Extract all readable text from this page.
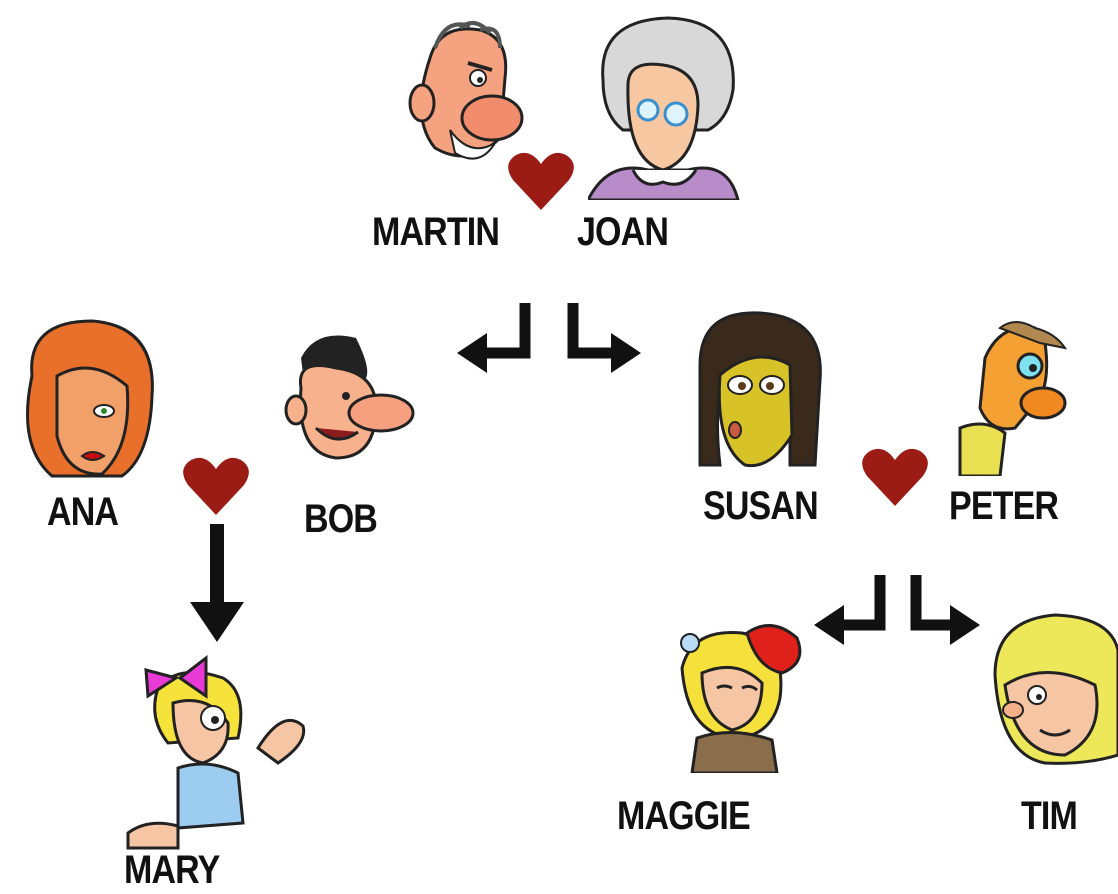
MARTIN JOAN
ANA	BOB
MARY
SUSAN	PETER
MAGGIE	TIM
